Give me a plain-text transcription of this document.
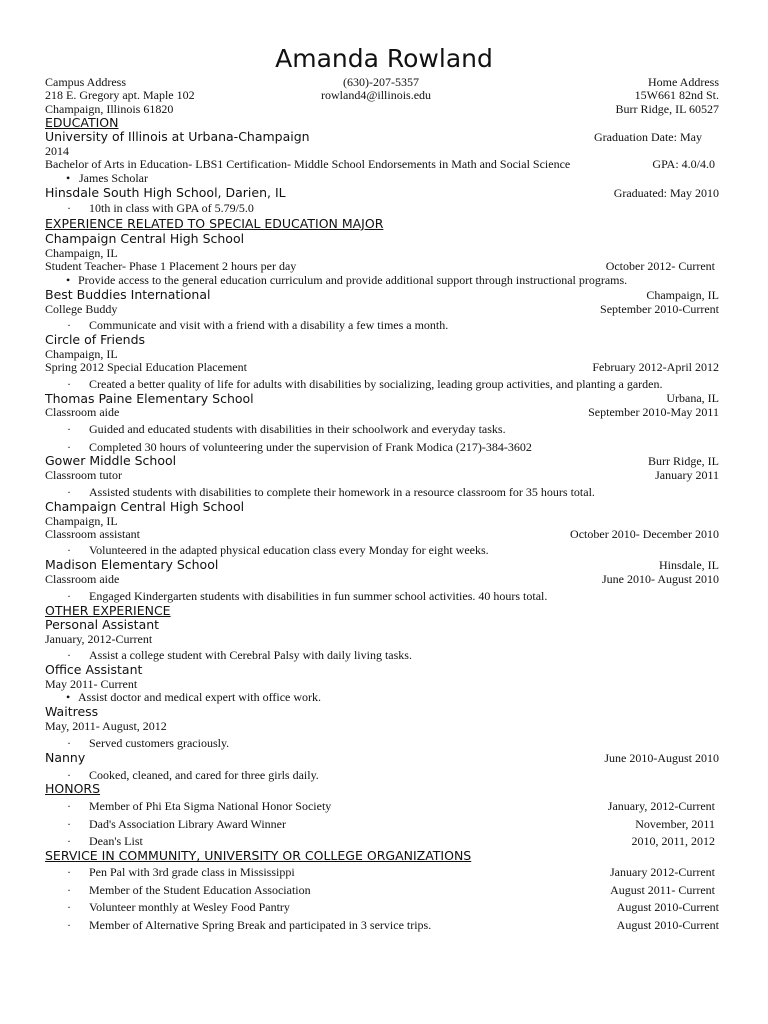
Amanda Rowland
Campus Address
218 E. Gregory apt. Maple 102
Champaign, Illinois 61820
(630)-207-5357
rowland4@illinois.edu
Home Address
15W661 82nd St.
Burr Ridge, IL 60527
EDUCATION
University of Illinois at Urbana-Champaign	Graduation Date: May
2014
Bachelor of Arts in Education- LBS1 Certification- Middle School Endorsements in Math and Social Science	GPA: 4.0/4.0
• James Scholar
Hinsdale South High School, Darien, IL	Graduated: May 2010
· 10th in class with GPA of 5.79/5.0
EXPERIENCE RELATED TO SPECIAL EDUCATION MAJOR
Champaign Central High School
Champaign, IL
Student Teacher- Phase 1 Placement 2 hours per day	October 2012- Current
• Provide access to the general education curriculum and provide additional support through instructional programs.
Best Buddies International	Champaign, IL
College Buddy	September 2010-Current
· Communicate and visit with a friend with a disability a few times a month.
Circle of Friends
Champaign, IL
Spring 2012 Special Education Placement	February 2012-April 2012
· Created a better quality of life for adults with disabilities by socializing, leading group activities, and planting a garden.
Thomas Paine Elementary School	Urbana, IL
Classroom aide	September 2010-May 2011
· Guided and educated students with disabilities in their schoolwork and everyday tasks.
· Completed 30 hours of volunteering under the supervision of Frank Modica (217)-384-3602
Gower Middle School	Burr Ridge, IL
Classroom tutor	January 2011
· Assisted students with disabilities to complete their homework in a resource classroom for 35 hours total.
Champaign Central High School
Champaign, IL
Classroom assistant	October 2010- December 2010
· Volunteered in the adapted physical education class every Monday for eight weeks.
Madison Elementary School	Hinsdale, IL
Classroom aide	June 2010- August 2010
· Engaged Kindergarten students with disabilities in fun summer school activities. 40 hours total.
OTHER EXPERIENCE
Personal Assistant
January, 2012-Current
· Assist a college student with Cerebral Palsy with daily living tasks.
Office Assistant
May 2011- Current
• Assist doctor and medical expert with office work.
Waitress
May, 2011- August, 2012
· Served customers graciously.
Nanny	June 2010-August 2010
· Cooked, cleaned, and cared for three girls daily.
HONORS
· Member of Phi Eta Sigma National Honor Society	January, 2012-Current
· Dad's Association Library Award Winner	November, 2011
· Dean's List	2010, 2011, 2012
SERVICE IN COMMUNITY, UNIVERSITY OR COLLEGE ORGANIZATIONS
· Pen Pal with 3rd grade class in Mississippi	January 2012-Current
· Member of the Student Education Association	August 2011- Current
· Volunteer monthly at Wesley Food Pantry	August 2010-Current
· Member of Alternative Spring Break and participated in 3 service trips.	August 2010-Current
